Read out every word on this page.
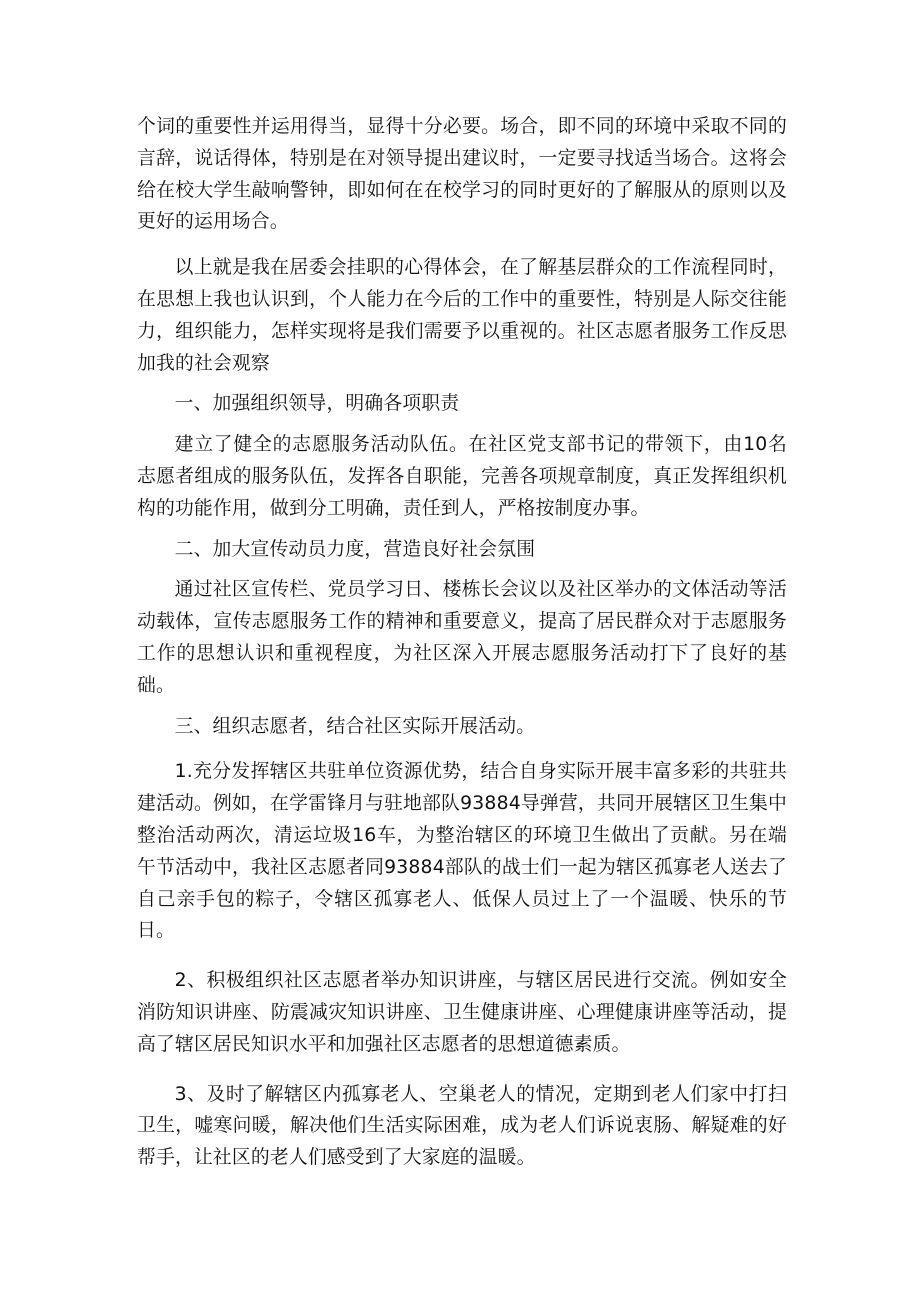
个词的重要性并运用得当，显得十分必要。场合，即不同的环境中采取不同的言辞，说话得体，特别是在对领导提出建议时，一定要寻找适当场合。这将会给在校大学生敲响警钟，即如何在在校学习的同时更好的了解服从的原则以及更好的运用场合。

以上就是我在居委会挂职的心得体会，在了解基层群众的工作流程同时，在思想上我也认识到，个人能力在今后的工作中的重要性，特别是人际交往能力，组织能力，怎样实现将是我们需要予以重视的。社区志愿者服务工作反思加我的社会观察

一、加强组织领导，明确各项职责

建立了健全的志愿服务活动队伍。在社区党支部书记的带领下，由10名志愿者组成的服务队伍，发挥各自职能，完善各项规章制度，真正发挥组织机构的功能作用，做到分工明确，责任到人，严格按制度办事。

二、加大宣传动员力度，营造良好社会氛围

通过社区宣传栏、党员学习日、楼栋长会议以及社区举办的文体活动等活动载体，宣传志愿服务工作的精神和重要意义，提高了居民群众对于志愿服务工作的思想认识和重视程度，为社区深入开展志愿服务活动打下了良好的基础。

三、组织志愿者，结合社区实际开展活动。

1.充分发挥辖区共驻单位资源优势，结合自身实际开展丰富多彩的共驻共建活动。例如，在学雷锋月与驻地部队93884导弹营，共同开展辖区卫生集中整治活动两次，清运垃圾16车，为整治辖区的环境卫生做出了贡献。另在端午节活动中，我社区志愿者同93884部队的战士们一起为辖区孤寡老人送去了自己亲手包的粽子，令辖区孤寡老人、低保人员过上了一个温暖、快乐的节日。

2、积极组织社区志愿者举办知识讲座，与辖区居民进行交流。例如安全消防知识讲座、防震减灾知识讲座、卫生健康讲座、心理健康讲座等活动，提高了辖区居民知识水平和加强社区志愿者的思想道德素质。

3、及时了解辖区内孤寡老人、空巢老人的情况，定期到老人们家中打扫卫生，嘘寒问暖，解决他们生活实际困难，成为老人们诉说衷肠、解疑难的好帮手，让社区的老人们感受到了大家庭的温暖。
